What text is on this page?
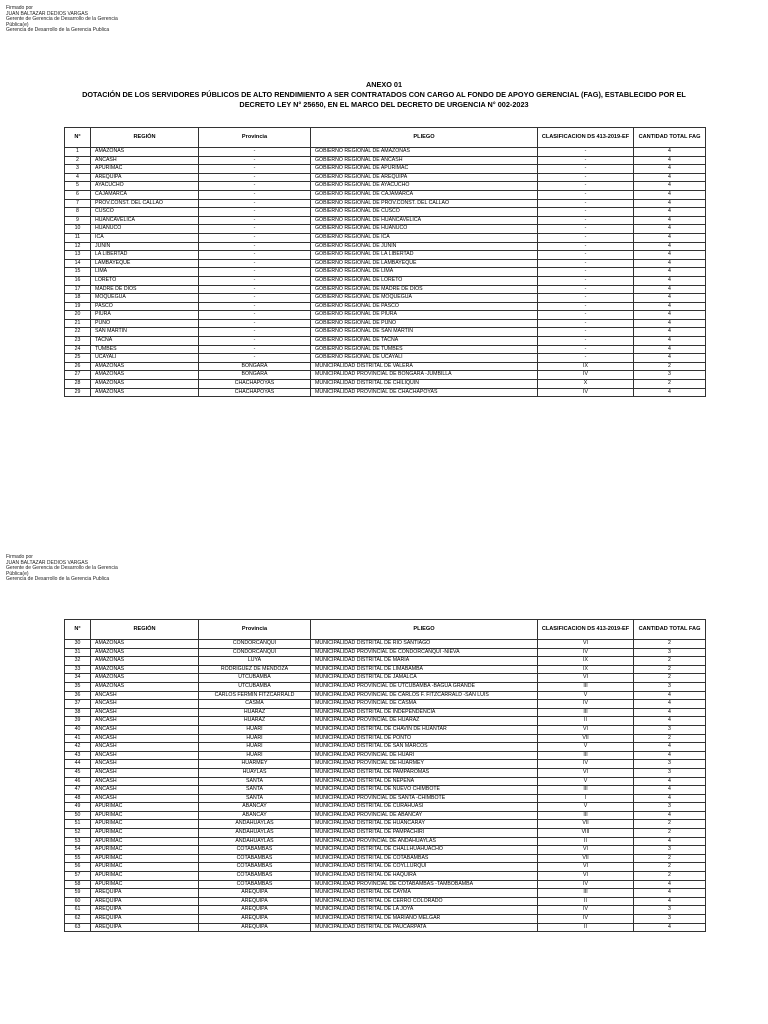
Firmado por
JUAN BALTAZAR DEDIOS VARGAS
Gerente de Gerencia de Desarrollo de la Gerencia
Pública(e)
Gerencia de Desarrollo de la Gerencia Publica
ANEXO 01
DOTACIÓN DE LOS SERVIDORES PÚBLICOS DE ALTO RENDIMIENTO A SER CONTRATADOS CON CARGO AL FONDO DE APOYO GERENCIAL (FAG), ESTABLECIDO POR EL
DECRETO LEY N° 25650, EN EL MARCO DEL DECRETO DE URGENCIA N° 002-2023
N°	REGIÓN	Provincia	PLIEGO	CLASIFICACION DS 413-2019-EF	CANTIDAD TOTAL FAG
1	AMAZONAS	-	GOBIERNO REGIONAL DE AMAZONAS	-	4
2	ANCASH	-	GOBIERNO REGIONAL DE ANCASH	-	4
3	APURIMAC	-	GOBIERNO REGIONAL DE APURIMAC	-	4
4	AREQUIPA	-	GOBIERNO REGIONAL DE AREQUIPA	-	4
5	AYACUCHO	-	GOBIERNO REGIONAL DE AYACUCHO	-	4
6	CAJAMARCA	-	GOBIERNO REGIONAL DE CAJAMARCA	-	4
7	PROV.CONST. DEL CALLAO	-	GOBIERNO REGIONAL DE PROV.CONST. DEL CALLAO	-	4
8	CUSCO	-	GOBIERNO REGIONAL DE CUSCO	-	4
9	HUANCAVELICA	-	GOBIERNO REGIONAL DE HUANCAVELICA	-	4
10	HUANUCO	-	GOBIERNO REGIONAL DE HUANUCO	-	4
11	ICA	-	GOBIERNO REGIONAL DE ICA	-	4
12	JUNIN	-	GOBIERNO REGIONAL DE JUNIN	-	4
13	LA LIBERTAD	-	GOBIERNO REGIONAL DE LA LIBERTAD	-	4
14	LAMBAYEQUE	-	GOBIERNO REGIONAL DE LAMBAYEQUE	-	4
15	LIMA	-	GOBIERNO REGIONAL DE LIMA	-	4
16	LORETO	-	GOBIERNO REGIONAL DE LORETO	-	4
17	MADRE DE DIOS	-	GOBIERNO REGIONAL DE MADRE DE DIOS	-	4
18	MOQUEGUA	-	GOBIERNO REGIONAL DE MOQUEGUA	-	4
19	PASCO	-	GOBIERNO REGIONAL DE PASCO	-	4
20	PIURA	-	GOBIERNO REGIONAL DE PIURA	-	4
21	PUNO	-	GOBIERNO REGIONAL DE PUNO	-	4
22	SAN MARTIN	-	GOBIERNO REGIONAL DE SAN MARTIN	-	4
23	TACNA	-	GOBIERNO REGIONAL DE TACNA	-	4
24	TUMBES	-	GOBIERNO REGIONAL DE TUMBES	-	4
25	UCAYALI	-	GOBIERNO REGIONAL DE UCAYALI	-	4
26	AMAZONAS	BONGARA	MUNICIPALIDAD DISTRITAL DE VALERA	IX	2
27	AMAZONAS	BONGARA	MUNICIPALIDAD PROVINCIAL DE BONGARA -JUMBILLA	IV	3
28	AMAZONAS	CHACHAPOYAS	MUNICIPALIDAD DISTRITAL DE CHILIQUIN	X	2
29	AMAZONAS	CHACHAPOYAS	MUNICIPALIDAD PROVINCIAL DE CHACHAPOYAS	IV	4
Firmado por
JUAN BALTAZAR DEDIOS VARGAS
Gerente de Gerencia de Desarrollo de la Gerencia
Pública(e)
Gerencia de Desarrollo de la Gerencia Publica
N°	REGIÓN	Provincia	PLIEGO	CLASIFICACION DS 413-2019-EF	CANTIDAD TOTAL FAG
30	AMAZONAS	CONDORCANQUI	MUNICIPALIDAD DISTRITAL DE RIO SANTIAGO	VI	2
31	AMAZONAS	CONDORCANQUI	MUNICIPALIDAD PROVINCIAL DE CONDORCANQUI -NIEVA	IV	3
32	AMAZONAS	LUYA	MUNICIPALIDAD DISTRITAL DE MARIA	IX	2
33	AMAZONAS	RODRIGUEZ DE MENDOZA	MUNICIPALIDAD DISTRITAL DE LIMABAMBA	IX	2
34	AMAZONAS	UTCUBAMBA	MUNICIPALIDAD DISTRITAL DE JAMALCA	VI	2
35	AMAZONAS	UTCUBAMBA	MUNICIPALIDAD PROVINCIAL DE UTCUBAMBA -BAGUA GRANDE	III	3
36	ANCASH	CARLOS FERMIN FITZCARRALD	MUNICIPALIDAD PROVINCIAL DE CARLOS F. FITZCARRALD -SAN LUIS	V	4
37	ANCASH	CASMA	MUNICIPALIDAD PROVINCIAL DE CASMA	IV	4
38	ANCASH	HUARAZ	MUNICIPALIDAD DISTRITAL DE INDEPENDENCIA	III	4
39	ANCASH	HUARAZ	MUNICIPALIDAD PROVINCIAL DE HUARAZ	II	4
40	ANCASH	HUARI	MUNICIPALIDAD DISTRITAL DE CHAVIN DE HUANTAR	VI	3
41	ANCASH	HUARI	MUNICIPALIDAD DISTRITAL DE PONTO	VII	2
42	ANCASH	HUARI	MUNICIPALIDAD DISTRITAL DE SAN MARCOS	V	4
43	ANCASH	HUARI	MUNICIPALIDAD PROVINCIAL DE HUARI	III	4
44	ANCASH	HUARMEY	MUNICIPALIDAD PROVINCIAL DE HUARMEY	IV	3
45	ANCASH	HUAYLAS	MUNICIPALIDAD DISTRITAL DE PAMPAROMAS	VI	3
46	ANCASH	SANTA	MUNICIPALIDAD DISTRITAL DE NEPEÑA	V	4
47	ANCASH	SANTA	MUNICIPALIDAD DISTRITAL DE NUEVO CHIMBOTE	III	4
48	ANCASH	SANTA	MUNICIPALIDAD PROVINCIAL DE SANTA -CHIMBOTE	I	4
49	APURIMAC	ABANCAY	MUNICIPALIDAD DISTRITAL DE CURAHUASI	V	3
50	APURIMAC	ABANCAY	MUNICIPALIDAD PROVINCIAL DE ABANCAY	III	4
51	APURIMAC	ANDAHUAYLAS	MUNICIPALIDAD DISTRITAL DE HUANCARAY	VII	2
52	APURIMAC	ANDAHUAYLAS	MUNICIPALIDAD DISTRITAL DE PAMPACHIRI	VIII	2
53	APURIMAC	ANDAHUAYLAS	MUNICIPALIDAD PROVINCIAL DE ANDAHUAYLAS	II	4
54	APURIMAC	COTABAMBAS	MUNICIPALIDAD DISTRITAL DE CHALLHUAHUACHO	VI	3
55	APURIMAC	COTABAMBAS	MUNICIPALIDAD DISTRITAL DE COTABAMBAS	VII	2
56	APURIMAC	COTABAMBAS	MUNICIPALIDAD DISTRITAL DE COYLLURQUI	VI	2
57	APURIMAC	COTABAMBAS	MUNICIPALIDAD DISTRITAL DE HAQUIRA	VI	2
58	APURIMAC	COTABAMBAS	MUNICIPALIDAD PROVINCIAL DE COTABAMBAS -TAMBOBAMBA	IV	4
59	AREQUIPA	AREQUIPA	MUNICIPALIDAD DISTRITAL DE CAYMA	III	4
60	AREQUIPA	AREQUIPA	MUNICIPALIDAD DISTRITAL DE CERRO COLORADO	II	4
61	AREQUIPA	AREQUIPA	MUNICIPALIDAD DISTRITAL DE LA JOYA	IV	3
62	AREQUIPA	AREQUIPA	MUNICIPALIDAD DISTRITAL DE MARIANO MELGAR	IV	3
63	AREQUIPA	AREQUIPA	MUNICIPALIDAD DISTRITAL DE PAUCARPATA	II	4
